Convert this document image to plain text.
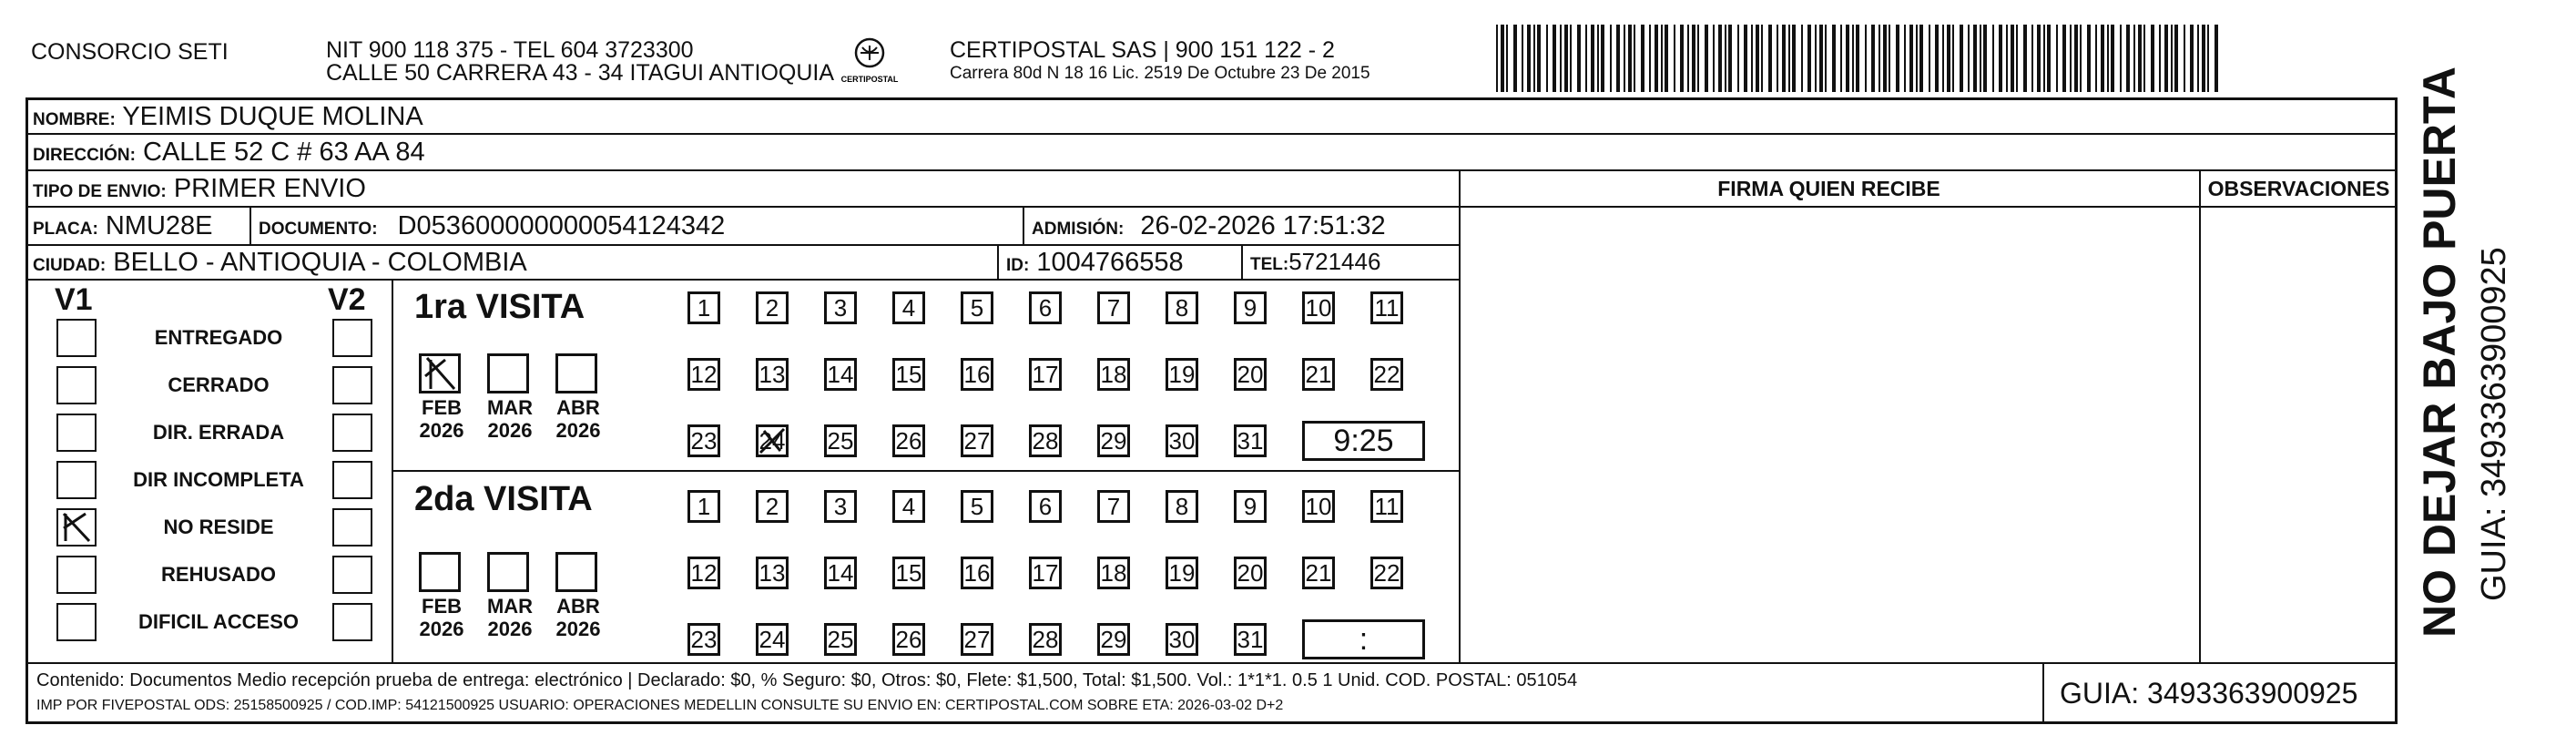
CONSORCIO SETI	NIT 900 118 375 - TEL 604 3723300
CALLE 50 CARRERA 43 - 34 ITAGUI ANTIOQUIA CERTIPOSTAL
CERTIPOSTAL SAS | 900 151 122 - 2
Carrera 80d N 18 16 Lic. 2519 De Octubre 23 De 2015
NOMBRE: YEIMIS DUQUE MOLINA
DIRECCIÓN: CALLE 52 C # 63 AA 84
TIPO DE ENVIO: PRIMER ENVIO
PLACA: NMU28E	DOCUMENTO: D053600000000054124342	ADMISIÓN: 26-02-2026 17:51:32
CIUDAD: BELLO - ANTIOQUIA - COLOMBIA	ID: 1004766558	TEL:5721446
FIRMA QUIEN RECIBE	OBSERVACIONES
V1	V2
ENTREGADO
CERRADO
DIR. ERRADA
DIR INCOMPLETA
NO RESIDE
REHUSADO
DIFICIL ACCESO
1ra VISITA
2da VISITA
1	2	3	4	5	6	7	8	9	10 11
12 13 14 15 16 17 18 19 20 21 22
23 24 25 26 27 28 29 30 31	9:25
FEB
2026
MAR
2026
ABR
2026
1	2	3	4	5	6	7	8	9	10 11
12 13 14 15 16 17 18 19 20 21 22
23 24 25 26 27 28 29 30 31	:
FEB
2026
MAR
2026
ABR
2026
Contenido: Documentos Medio recepción prueba de entrega: electrónico | Declarado: $0, % Seguro: $0, Otros: $0, Flete: $1,500, Total: $1,500. Vol.: 1*1*1. 0.5 1 Unid. COD. POSTAL: 051054
IMP POR FIVEPOSTAL ODS: 25158500925 / COD.IMP: 54121500925 USUARIO: OPERACIONES MEDELLIN CONSULTE SU ENVIO EN: CERTIPOSTAL.COM SOBRE ETA: 2026-03-02 D+2	GUIA: 3493363900925
NO DEJAR BAJO PUERTA GUIA: 3493363900925
